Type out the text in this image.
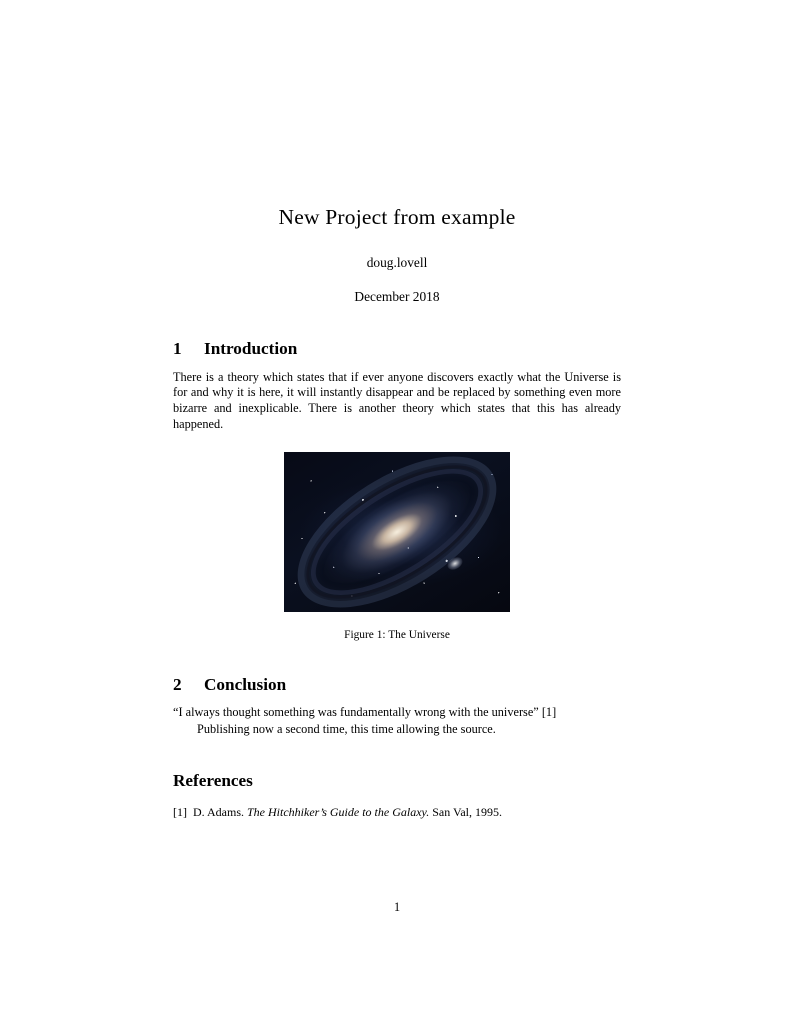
New Project from example
doug.lovell
December 2018
1	Introduction

There is a theory which states that if ever anyone discovers exactly what the Universe is for and why it is here, it will instantly disappear and be replaced by something even more bizarre and inexplicable. There is another theory which states that this has already happened.

Figure 1: The Universe
2	Conclusion

“I always thought something was fundamentally wrong with the universe” [1]

Publishing now a second time, this time allowing the source.

References
[1] D. Adams. The Hitchhiker’s Guide to the Galaxy. San Val, 1995.
1
